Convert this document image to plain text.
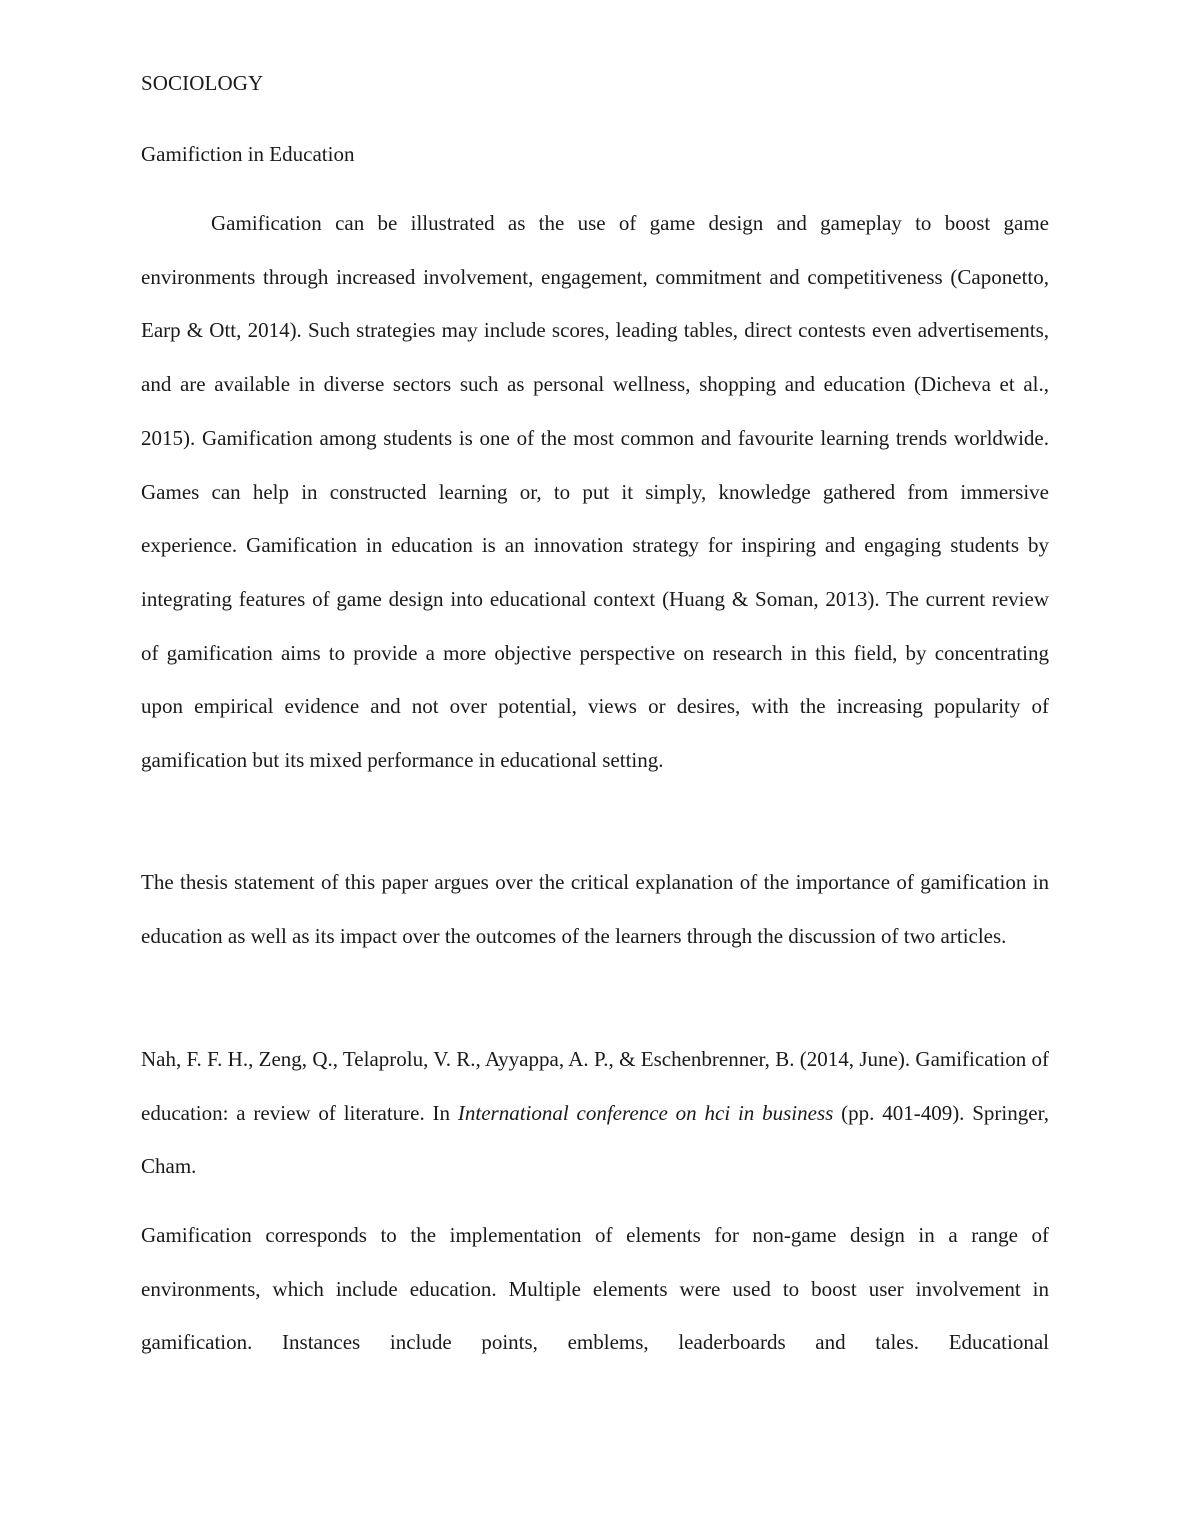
SOCIOLOGY

Gamifiction in Education

Gamification can be illustrated as the use of game design and gameplay to boost game environments through increased involvement, engagement, commitment and competitiveness (Caponetto, Earp & Ott, 2014). Such strategies may include scores, leading tables, direct contests even advertisements, and are available in diverse sectors such as personal wellness, shopping and education (Dicheva et al., 2015). Gamification among students is one of the most common and favourite learning trends worldwide. Games can help in constructed learning or, to put it simply, knowledge gathered from immersive experience. Gamification in education is an innovation strategy for inspiring and engaging students by integrating features of game design into educational context (Huang & Soman, 2013). The current review of gamification aims to provide a more objective perspective on research in this field, by concentrating upon empirical evidence and not over potential, views or desires, with the increasing popularity of gamification but its mixed performance in educational setting.

The thesis statement of this paper argues over the critical explanation of the importance of gamification in education as well as its impact over the outcomes of the learners through the discussion of two articles.

Nah, F. F. H., Zeng, Q., Telaprolu, V. R., Ayyappa, A. P., & Eschenbrenner, B. (2014, June). Gamification of education: a review of literature. In International conference on hci in business (pp. 401-409). Springer, Cham.

Gamification corresponds to the implementation of elements for non-game design in a range of environments, which include education. Multiple elements were used to boost user involvement in gamification. Instances include points, emblems, leaderboards and tales. Educational
